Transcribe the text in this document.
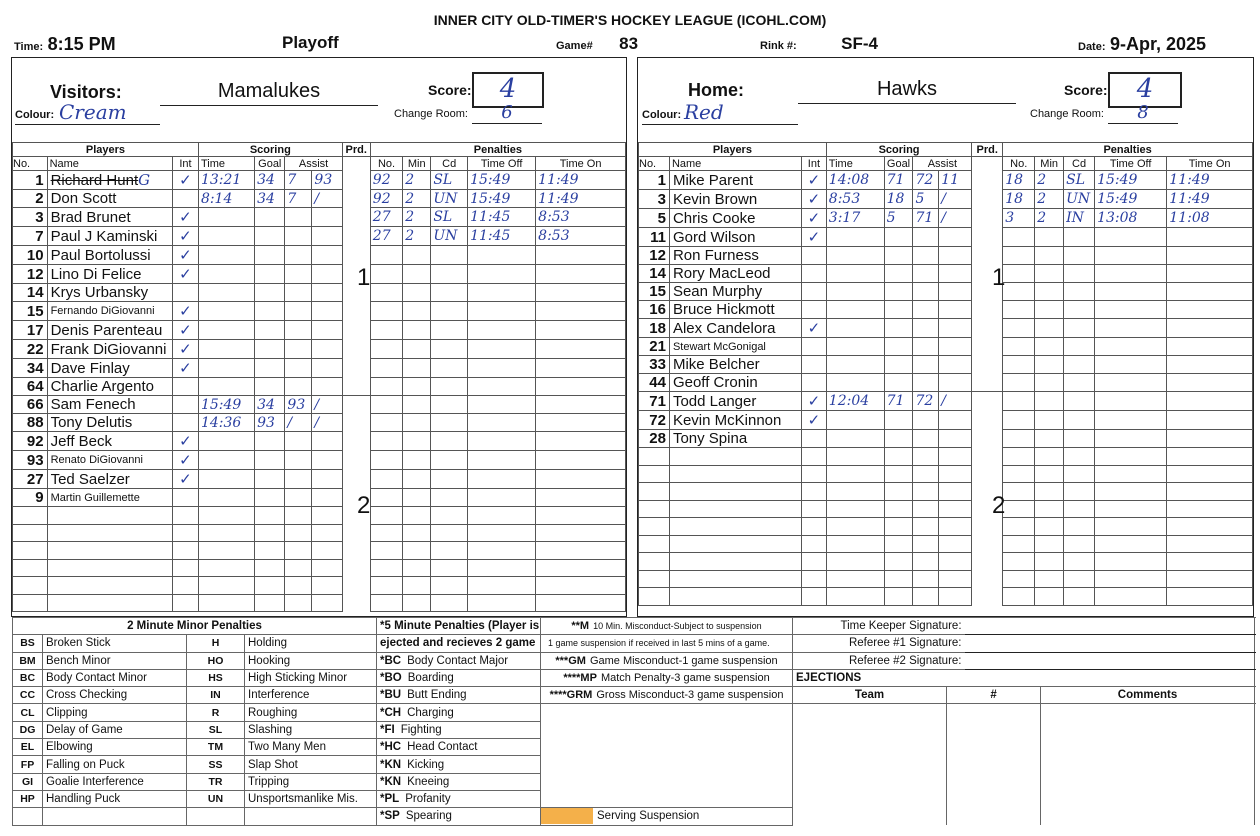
INNER CITY OLD-TIMER'S HOCKEY LEAGUE (ICOHL.COM)
Time: 8:15 PM	Playoff	Game# 83	Rink #:	SF-4	Date: 9-Apr, 2025
Visitors:	Mamalukes	Score:	4
Colour: Cream	Change Room:	6
Home:	Hawks	Score:	4
Colour: Red	Change Room:	8
Players			Scoring				Prd.	Penalties				
No.	Name	Int	Time	Goal	Assist			No.	Min	Cd	Time Off	Time On
1	Richard HuntG	✓	13:21	34	7	93		92	2	SL	15:49	11:49
2	Don Scott		8:14	34	7	/		92	2	UN	15:49	11:49
3	Brad Brunet	✓						27	2	SL	11:45	8:53
7	Paul J Kaminski	✓						27	2	UN	11:45	8:53
10	Paul Bortolussi	✓										
12	Lino Di Felice	✓										
14	Krys Urbansky											
15	Fernando DiGiovanni	✓										
17	Denis Parenteau	✓										
22	Frank DiGiovanni	✓										
34	Dave Finlay	✓										
64	Charlie Argento											
66	Sam Fenech		15:49	34	93	/						
88	Tony Delutis		14:36	93	/	/						
92	Jeff Beck	✓										
93	Renato DiGiovanni	✓										
27	Ted Saelzer	✓										
9	Martin Guillemette											

Players			Scoring				Prd.	Penalties				
No.	Name	Int	Time	Goal	Assist			No.	Min	Cd	Time Off	Time On
1	Mike Parent	✓	14:08	71	72	11		18	2	SL	15:49	11:49
3	Kevin Brown	✓	8:53	18	5	/		18	2	UN	15:49	11:49
5	Chris Cooke	✓	3:17	5	71	/		3	2	IN	13:08	11:08
11	Gord Wilson	✓										
12	Ron Furness											
14	Rory MacLeod											
15	Sean Murphy											
16	Bruce Hickmott											
18	Alex Candelora	✓										
21	Stewart McGonigal											
33	Mike Belcher											
44	Geoff Cronin											
71	Todd Langer	✓	12:04	71	72	/						
72	Kevin McKinnon	✓										
28	Tony Spina											

1
2
1
2
2 Minute Minor Penalties				*5 Minute Penalties (Player is	**M 10 Min. Misconduct-Subject to suspension	Time Keeper Signature:			
BS	Broken Stick	H	Holding	ejected and recieves 2 game	1 game suspension if received in last 5 mins of a game.	Referee #1 Signature:			
BM	Bench Minor	HO	Hooking	*BC Body Contact Major	***GM Game Misconduct-1 game suspension	Referee #2 Signature:			
BC	Body Contact Minor	HS	High Sticking Minor	*BO Boarding	****MP Match Penalty-3 game suspension	EJECTIONS			
CC	Cross Checking	IN	Interference	*BU Butt Ending	****GRM Gross Misconduct-3 game suspension	Team	#		Comments
CL	Clipping	R	Roughing	*CH Charging					
DG	Delay of Game	SL	Slashing	*FI Fighting					
EL	Elbowing	TM	Two Many Men	*HC Head Contact					
FP	Falling on Puck	SS	Slap Shot	*KN Kicking					
GI	Goalie Interference	TR	Tripping	*KN Kneeing					
HP	Handling Puck	UN	Unsportsmanlike Mis.	*PL Profanity					
				*SP Spearing	Serving Suspension				
